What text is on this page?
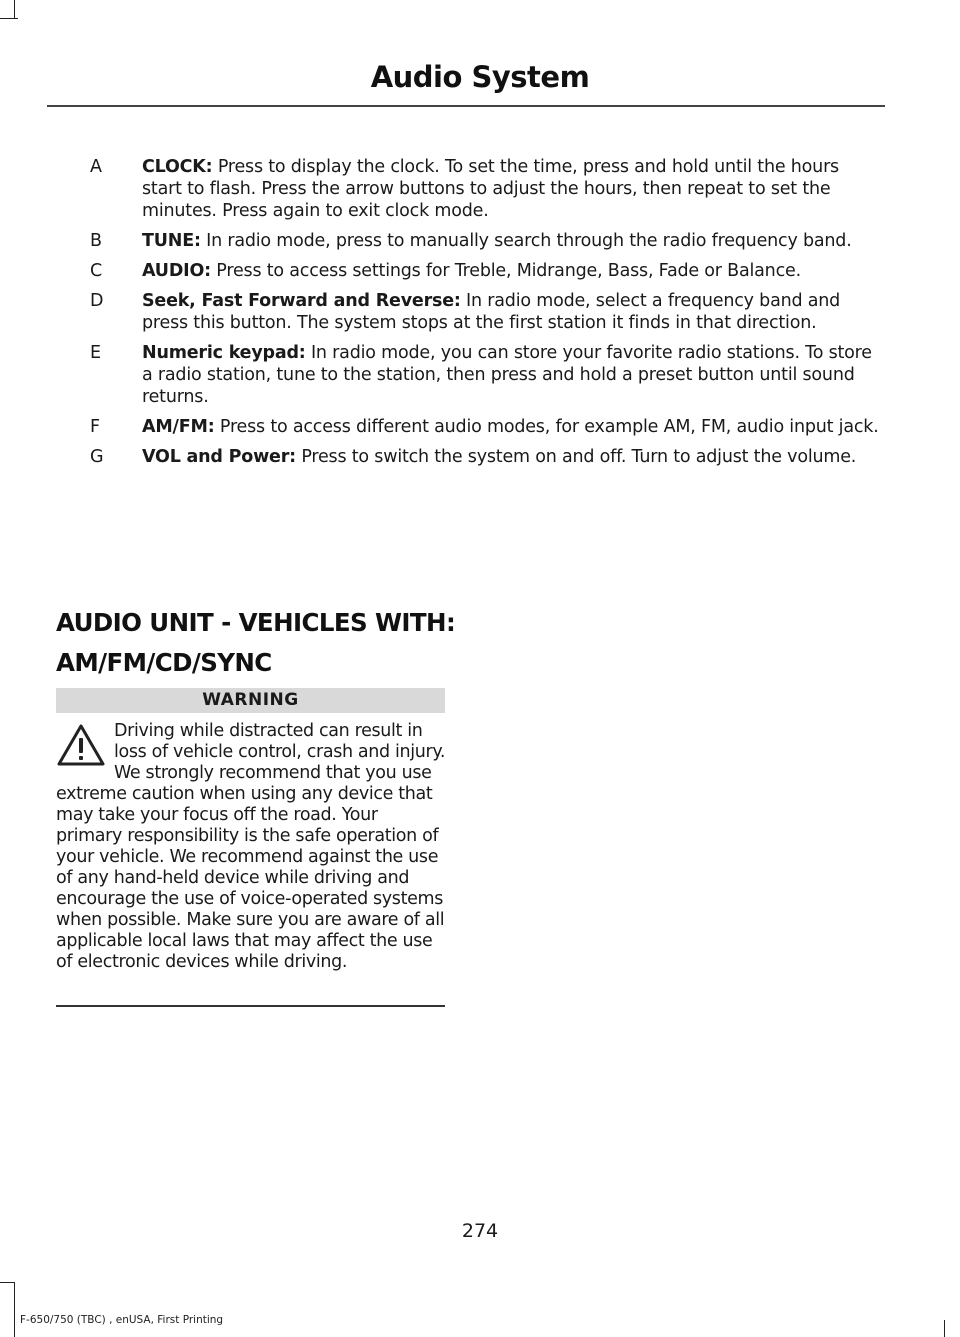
Audio System
A	CLOCK: Press to display the clock. To set the time, press and hold until the hours start to flash. Press the arrow buttons to adjust the hours, then repeat to set the minutes. Press again to exit clock mode.
B	TUNE: In radio mode, press to manually search through the radio frequency band.
C	AUDIO: Press to access settings for Treble, Midrange, Bass, Fade or Balance.
D	Seek, Fast Forward and Reverse: In radio mode, select a frequency band and press this button. The system stops at the first station it finds in that direction.
E	Numeric keypad: In radio mode, you can store your favorite radio stations. To store a radio station, tune to the station, then press and hold a preset button until sound returns.
F	AM/FM: Press to access different audio modes, for example AM, FM, audio input jack.
G	VOL and Power: Press to switch the system on and off. Turn to adjust the volume.
AUDIO UNIT - VEHICLES WITH:
AM/FM/CD/SYNC
WARNING
Driving while distracted can result in loss of vehicle control, crash and injury. We strongly recommend that you use extreme caution when using any device that may take your focus off the road. Your primary responsibility is the safe operation of your vehicle. We recommend against the use of any hand-held device while driving and encourage the use of voice-operated systems when possible. Make sure you are aware of all applicable local laws that may affect the use of electronic devices while driving.
274
F-650/750 (TBC) , enUSA, First Printing
